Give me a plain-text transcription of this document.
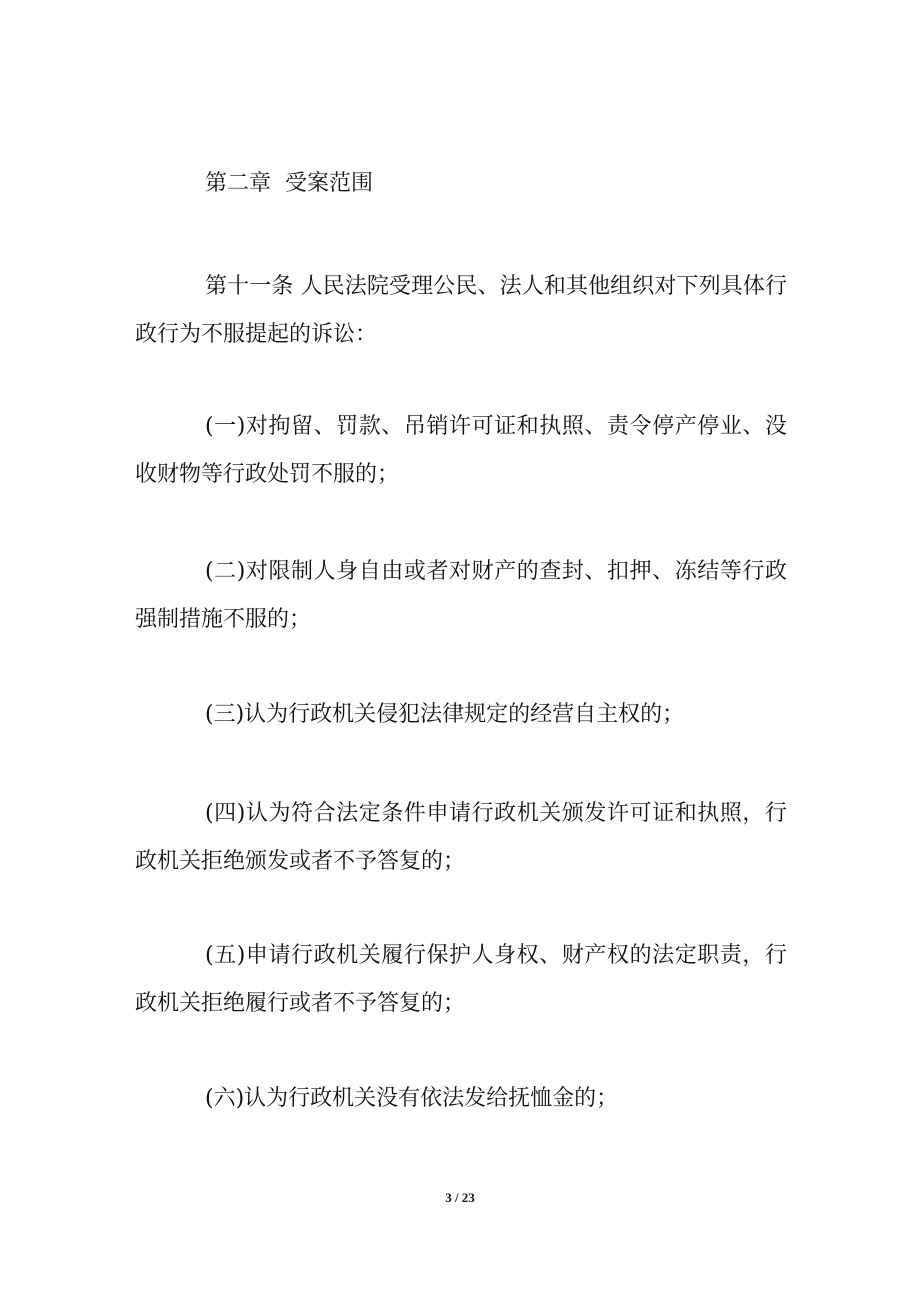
第二章  受案范围
第十一条 人民法院受理公民、法人和其他组织对下列具体行政行为不服提起的诉讼：
(一)对拘留、罚款、吊销许可证和执照、责令停产停业、没收财物等行政处罚不服的；
(二)对限制人身自由或者对财产的查封、扣押、冻结等行政强制措施不服的；
(三)认为行政机关侵犯法律规定的经营自主权的；
(四)认为符合法定条件申请行政机关颁发许可证和执照，行政机关拒绝颁发或者不予答复的；
(五)申请行政机关履行保护人身权、财产权的法定职责，行政机关拒绝履行或者不予答复的；
(六)认为行政机关没有依法发给抚恤金的；
3 / 23
